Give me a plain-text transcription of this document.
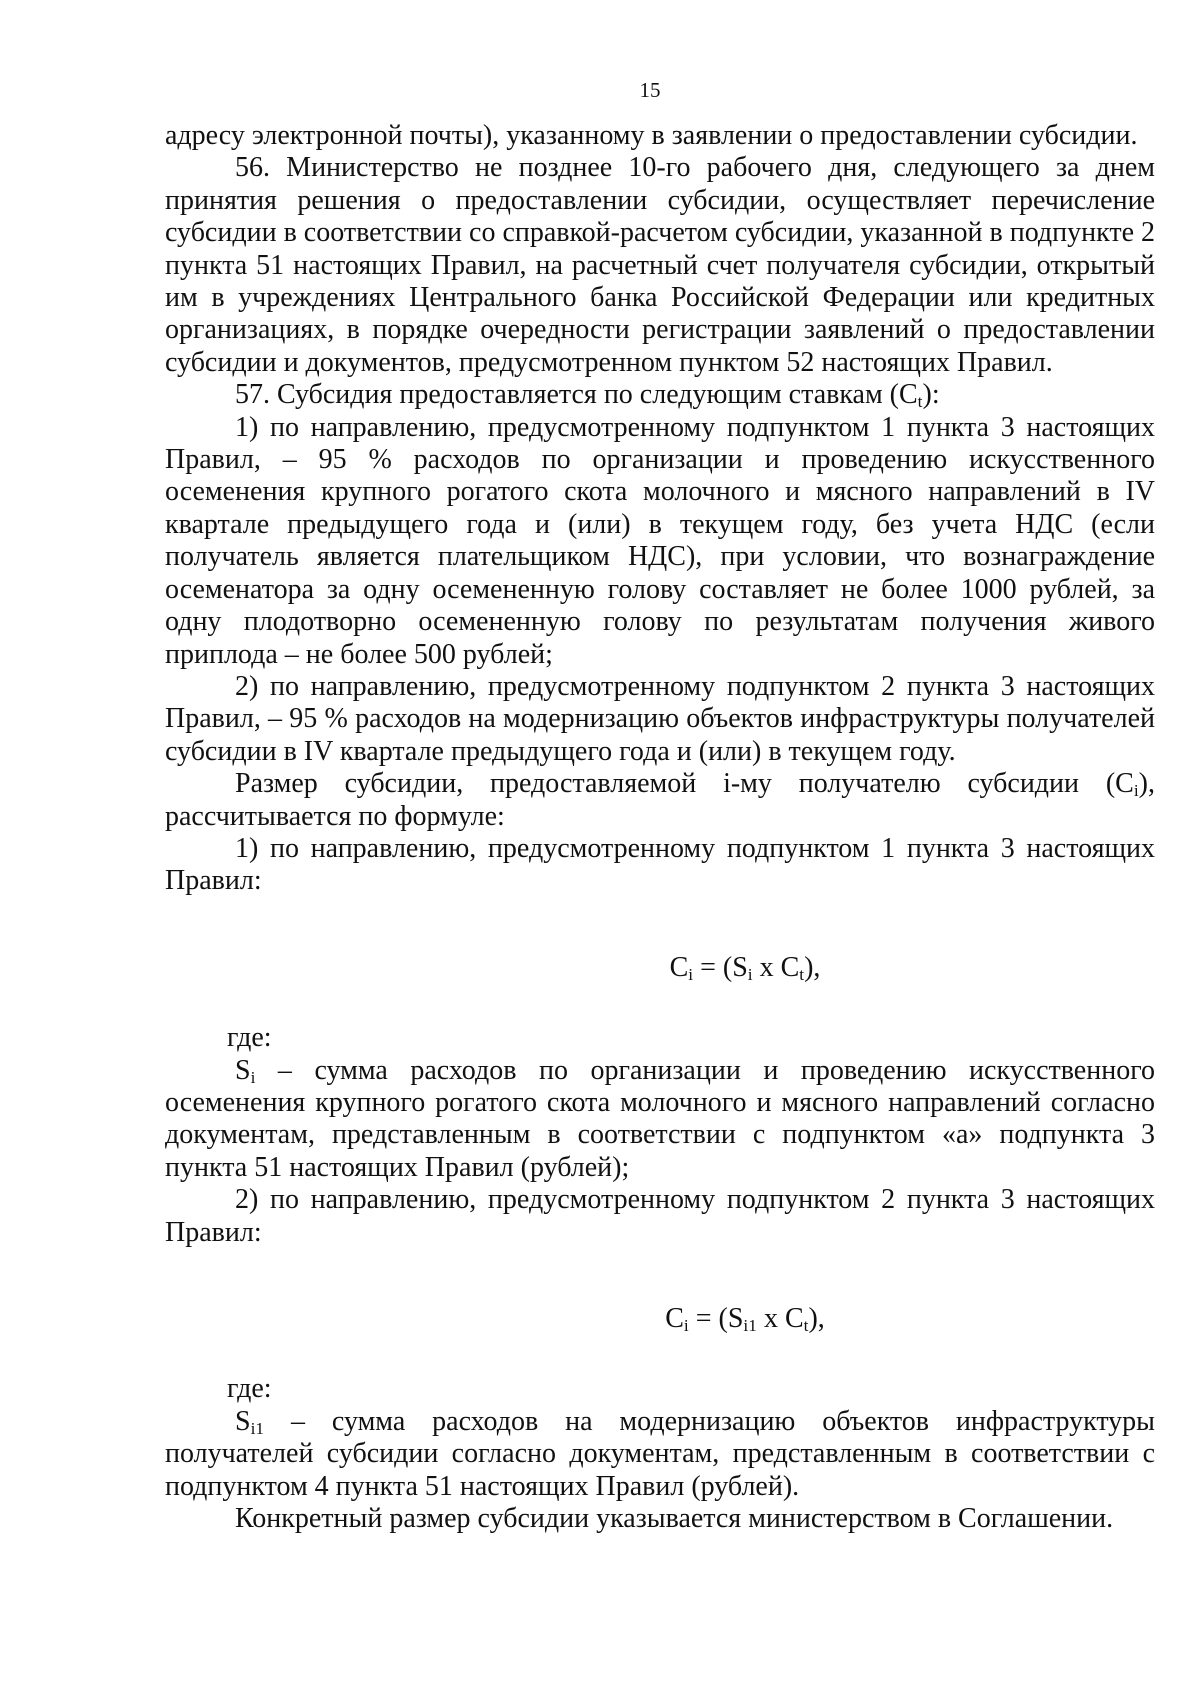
15

адресу электронной почты), указанному в заявлении о предоставлении субсидии.

56. Министерство не позднее 10-го рабочего дня, следующего за днем принятия решения о предоставлении субсидии, осуществляет перечисление субсидии в соответствии со справкой-расчетом субсидии, указанной в подпункте 2 пункта 51 настоящих Правил, на расчетный счет получателя субсидии, открытый им в учреждениях Центрального банка Российской Федерации или кредитных организациях, в порядке очередности регистрации заявлений о предоставлении субсидии и документов, предусмотренном пунктом 52 настоящих Правил.

57. Субсидия предоставляется по следующим ставкам $(C_t)$:

1) по направлению, предусмотренному подпунктом 1 пункта 3 настоящих Правил, – 95 % расходов по организации и проведению искусственного осеменения крупного рогатого скота молочного и мясного направлений в IV квартале предыдущего года и (или) в текущем году, без учета НДС (если получатель является плательщиком НДС), при условии, что вознаграждение осеменатора за одну осемененную голову составляет не более 1000 рублей, за одну плодотворно осемененную голову по результатам получения живого приплода – не более 500 рублей;

2) по направлению, предусмотренному подпунктом 2 пункта 3 настоящих Правил, – 95 % расходов на модернизацию объектов инфраструктуры получателей субсидии в IV квартале предыдущего года и (или) в текущем году.

Размер субсидии, предоставляемой i-му получателю субсидии $(C_i)$, рассчитывается по формуле:

1) по направлению, предусмотренному подпунктом 1 пункта 3 настоящих Правил:

$C_i = (S_i$ x $C_t$),

где:

$S_i$ – сумма расходов по организации и проведению искусственного осеменения крупного рогатого скота молочного и мясного направлений согласно документам, представленным в соответствии с подпунктом «а» подпункта 3 пункта 51 настоящих Правил (рублей);

2) по направлению, предусмотренному подпунктом 2 пункта 3 настоящих Правил:

$C_i = (S_{i1}$ x $C_t$),

где:

$S_{i1}$ – сумма расходов на модернизацию объектов инфраструктуры получателей субсидии согласно документам, представленным в соответствии с подпунктом 4 пункта 51 настоящих Правил (рублей).

Конкретный размер субсидии указывается министерством в Соглашении.
